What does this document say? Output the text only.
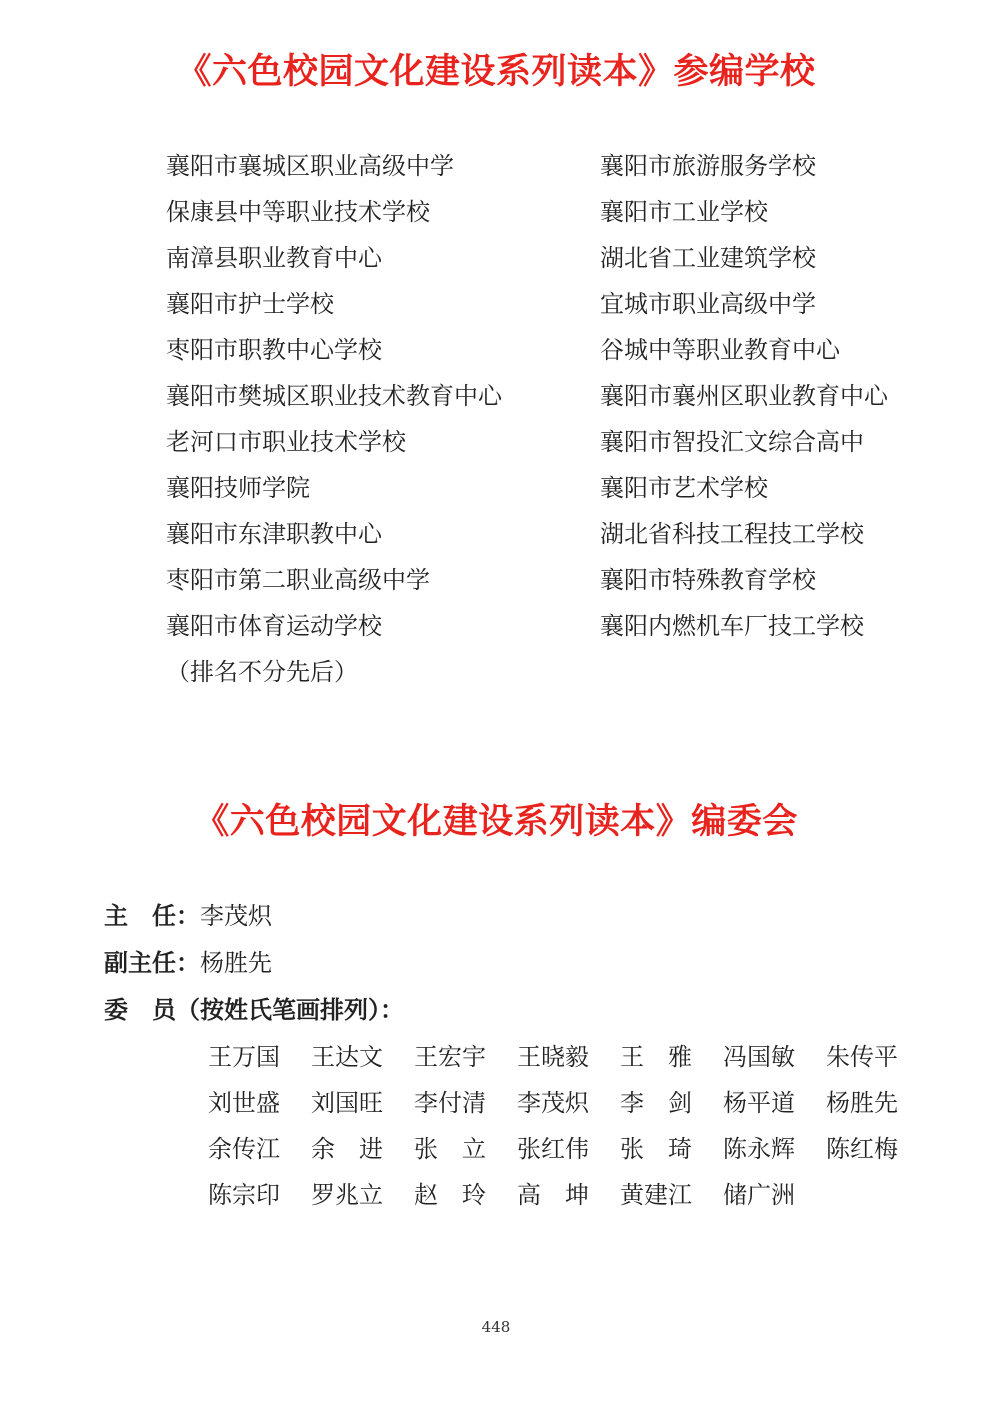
《六色校园文化建设系列读本》参编学校
襄阳市襄城区职业高级中学
保康县中等职业技术学校
南漳县职业教育中心
襄阳市护士学校
枣阳市职教中心学校
襄阳市樊城区职业技术教育中心
老河口市职业技术学校
襄阳技师学院
襄阳市东津职教中心
枣阳市第二职业高级中学
襄阳市体育运动学校
襄阳市旅游服务学校
襄阳市工业学校
湖北省工业建筑学校
宜城市职业高级中学
谷城中等职业教育中心
襄阳市襄州区职业教育中心
襄阳市智投汇文综合高中
襄阳市艺术学校
湖北省科技工程技工学校
襄阳市特殊教育学校
襄阳内燃机车厂技工学校
（排名不分先后）
《六色校园文化建设系列读本》编委会
主　任：李茂炽
副主任：杨胜先
委　员（按姓氏笔画排列）：
王万国	王达文	王宏宇	王晓毅	王　雅	冯国敏	朱传平
刘世盛	刘国旺	李付清	李茂炽	李　剑	杨平道	杨胜先
余传江	余　进	张　立	张红伟	张　琦	陈永辉	陈红梅
陈宗印	罗兆立	赵　玲	高　坤	黄建江	储广洲
448
